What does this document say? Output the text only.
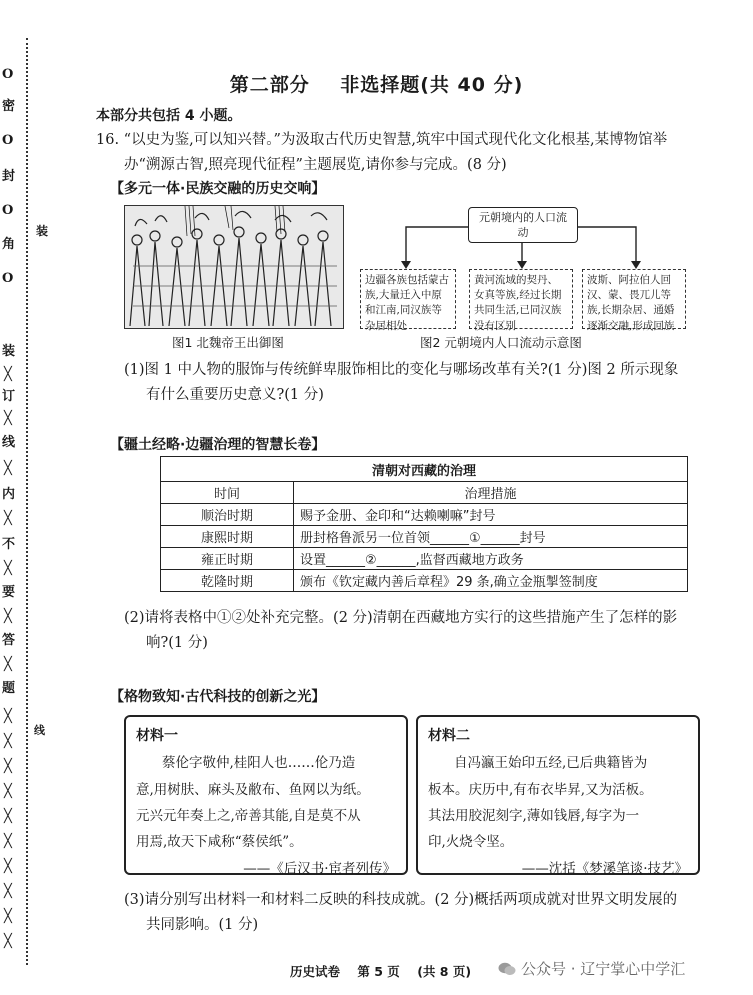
O
密
O
封
O
角
O
装
╳
订
╳
线
╳
内
╳
不
╳
要
╳
答
╳
题
╳
╳
╳
╳
╳
╳
╳
╳
╳
╳
装
线
第二部分    非选择题(共 40 分)
本部分共包括 4 小题。
16. “以史为鉴,可以知兴替。”为汲取古代历史智慧,筑牢中国式现代化文化根基,某博物馆举
办“溯源古智,照亮现代征程”主题展览,请你参与完成。(8 分)
【多元一体·民族交融的历史交响】
图1 北魏帝王出御图
元朝境内的人口流动
边疆各族包括蒙古族,大量迁入中原和江南,同汉族等杂居相处
黄河流域的契丹、女真等族,经过长期共同生活,已同汉族没有区别
波斯、阿拉伯人回汉、蒙、畏兀儿等族,长期杂居、通婚逐渐交融,形成回族
图2 元朝境内人口流动示意图
(1)图 1 中人物的服饰与传统鲜卑服饰相比的变化与哪场改革有关?(1 分)图 2 所示现象
有什么重要历史意义?(1 分)
【疆土经略·边疆治理的智慧长卷】
清朝对西藏的治理	
时间	治理措施
顺治时期	赐予金册、金印和“达赖喇嘛”封号
康熙时期	册封格鲁派另一位首领______①______封号
雍正时期	设置______②______,监督西藏地方政务
乾隆时期	颁布《钦定藏内善后章程》29 条,确立金瓶掣签制度
(2)请将表格中①②处补充完整。(2 分)清朝在西藏地方实行的这些措施产生了怎样的影
响?(1 分)
【格物致知·古代科技的创新之光】
材料一
蔡伦字敬仲,桂阳人也……伦乃造
意,用树肤、麻头及敝布、鱼网以为纸。
元兴元年奏上之,帝善其能,自是莫不从
用焉,故天下咸称“蔡侯纸”。
——《后汉书·宦者列传》
材料二
自冯瀛王始印五经,已后典籍皆为
板本。庆历中,有布衣毕昇,又为活板。
其法用胶泥刻字,薄如钱唇,每字为一
印,火烧令坚。
——沈括《梦溪笔谈·技艺》
(3)请分别写出材料一和材料二反映的科技成就。(2 分)概括两项成就对世界文明发展的
共同影响。(1 分)
历史试卷    第 5 页    (共 8 页)	公众号 · 辽宁掌心中学汇
